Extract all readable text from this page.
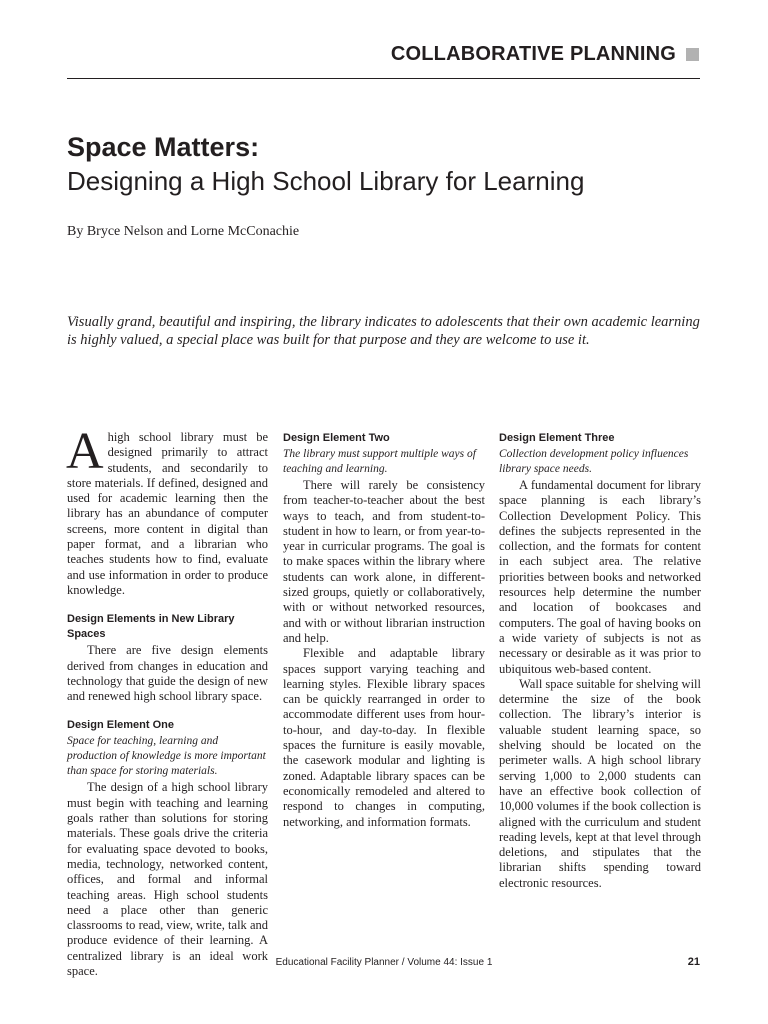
COLLABORATIVE PLANNING
Space Matters:
Designing a High School Library for Learning
By Bryce Nelson and Lorne McConachie
Visually grand, beautiful and inspiring, the library indicates to adolescents that their own academic learning is highly valued, a special place was built for that purpose and they are welcome to use it.

Ahigh school library must be designed primarily to attract students, and secondarily to store materials. If defined, designed and used for academic learning then the library has an abundance of computer screens, more content in digital than paper format, and a librarian who teaches students how to find, evaluate and use information in order to produce knowledge.

Design Elements in New Library Spaces

There are five design elements derived from changes in education and technology that guide the design of new and renewed high school library space.

Design Element One

Space for teaching, learning and production of knowledge is more important than space for storing materials.

The design of a high school library must begin with teaching and learning goals rather than solutions for storing materials. These goals drive the criteria for evaluating space devoted to books, media, technology, networked content, offices, and formal and informal teaching areas. High school students need a place other than generic classrooms to read, view, write, talk and produce evidence of their learning. A centralized library is an ideal work space.

Design Element Two

The library must support multiple ways of teaching and learning.

There will rarely be consistency from teacher-to-teacher about the best ways to teach, and from student-to-student in how to learn, or from year-to-year in curricular programs. The goal is to make spaces within the library where students can work alone, in different-sized groups, quietly or collaboratively, with or without networked resources, and with or without librarian instruction and help.

Flexible and adaptable library spaces support varying teaching and learning styles. Flexible library spaces can be quickly rearranged in order to accommodate different uses from hour-to-hour, and day-to-day. In flexible spaces the furniture is easily movable, the casework modular and lighting is zoned. Adaptable library spaces can be economically remodeled and altered to respond to changes in computing, networking, and information formats.

Design Element Three

Collection development policy influences library space needs.

A fundamental document for library space planning is each library’s Collection Development Policy. This defines the subjects represented in the collection, and the formats for content in each subject area. The relative priorities between books and networked resources help determine the number and location of bookcases and computers. The goal of having books on a wide variety of subjects is not as necessary or desirable as it was prior to ubiquitous web-based content.

Wall space suitable for shelving will determine the size of the book collection. The library’s interior is valuable student learning space, so shelving should be located on the perimeter walls. A high school library serving 1,000 to 2,000 students can have an effective book collection of 10,000 volumes if the book collection is aligned with the curriculum and student reading levels, kept at that level through deletions, and stipulates that the librarian shifts spending toward electronic resources.

Educational Facility Planner / Volume 44: Issue 1	21
